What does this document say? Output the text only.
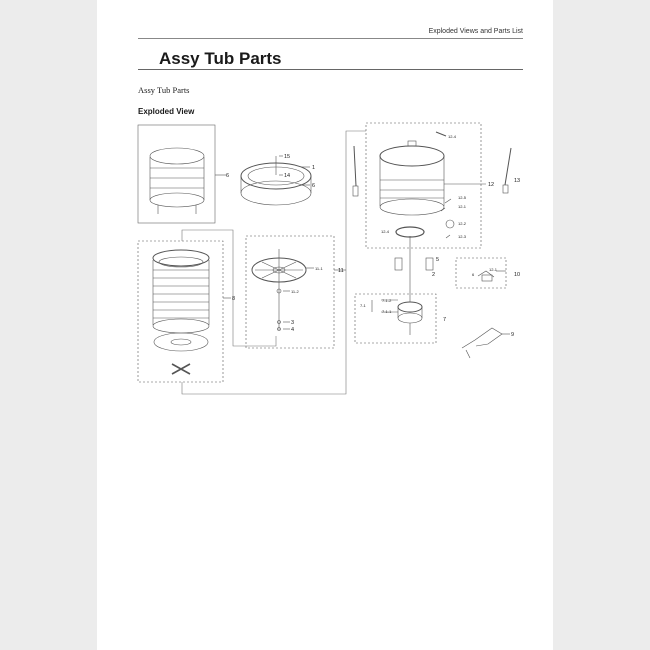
Exploded Views and Parts List
Assy Tub Parts
Assy Tub Parts
Exploded View
6
15
1
14
6
8
11-1
11-2
3
4
11
12-4
12
12-5
12-1
12-2
12-3
12-4
13
5
2
12-1
6	10
7-1
7-1-2
7-1-1
7
9
